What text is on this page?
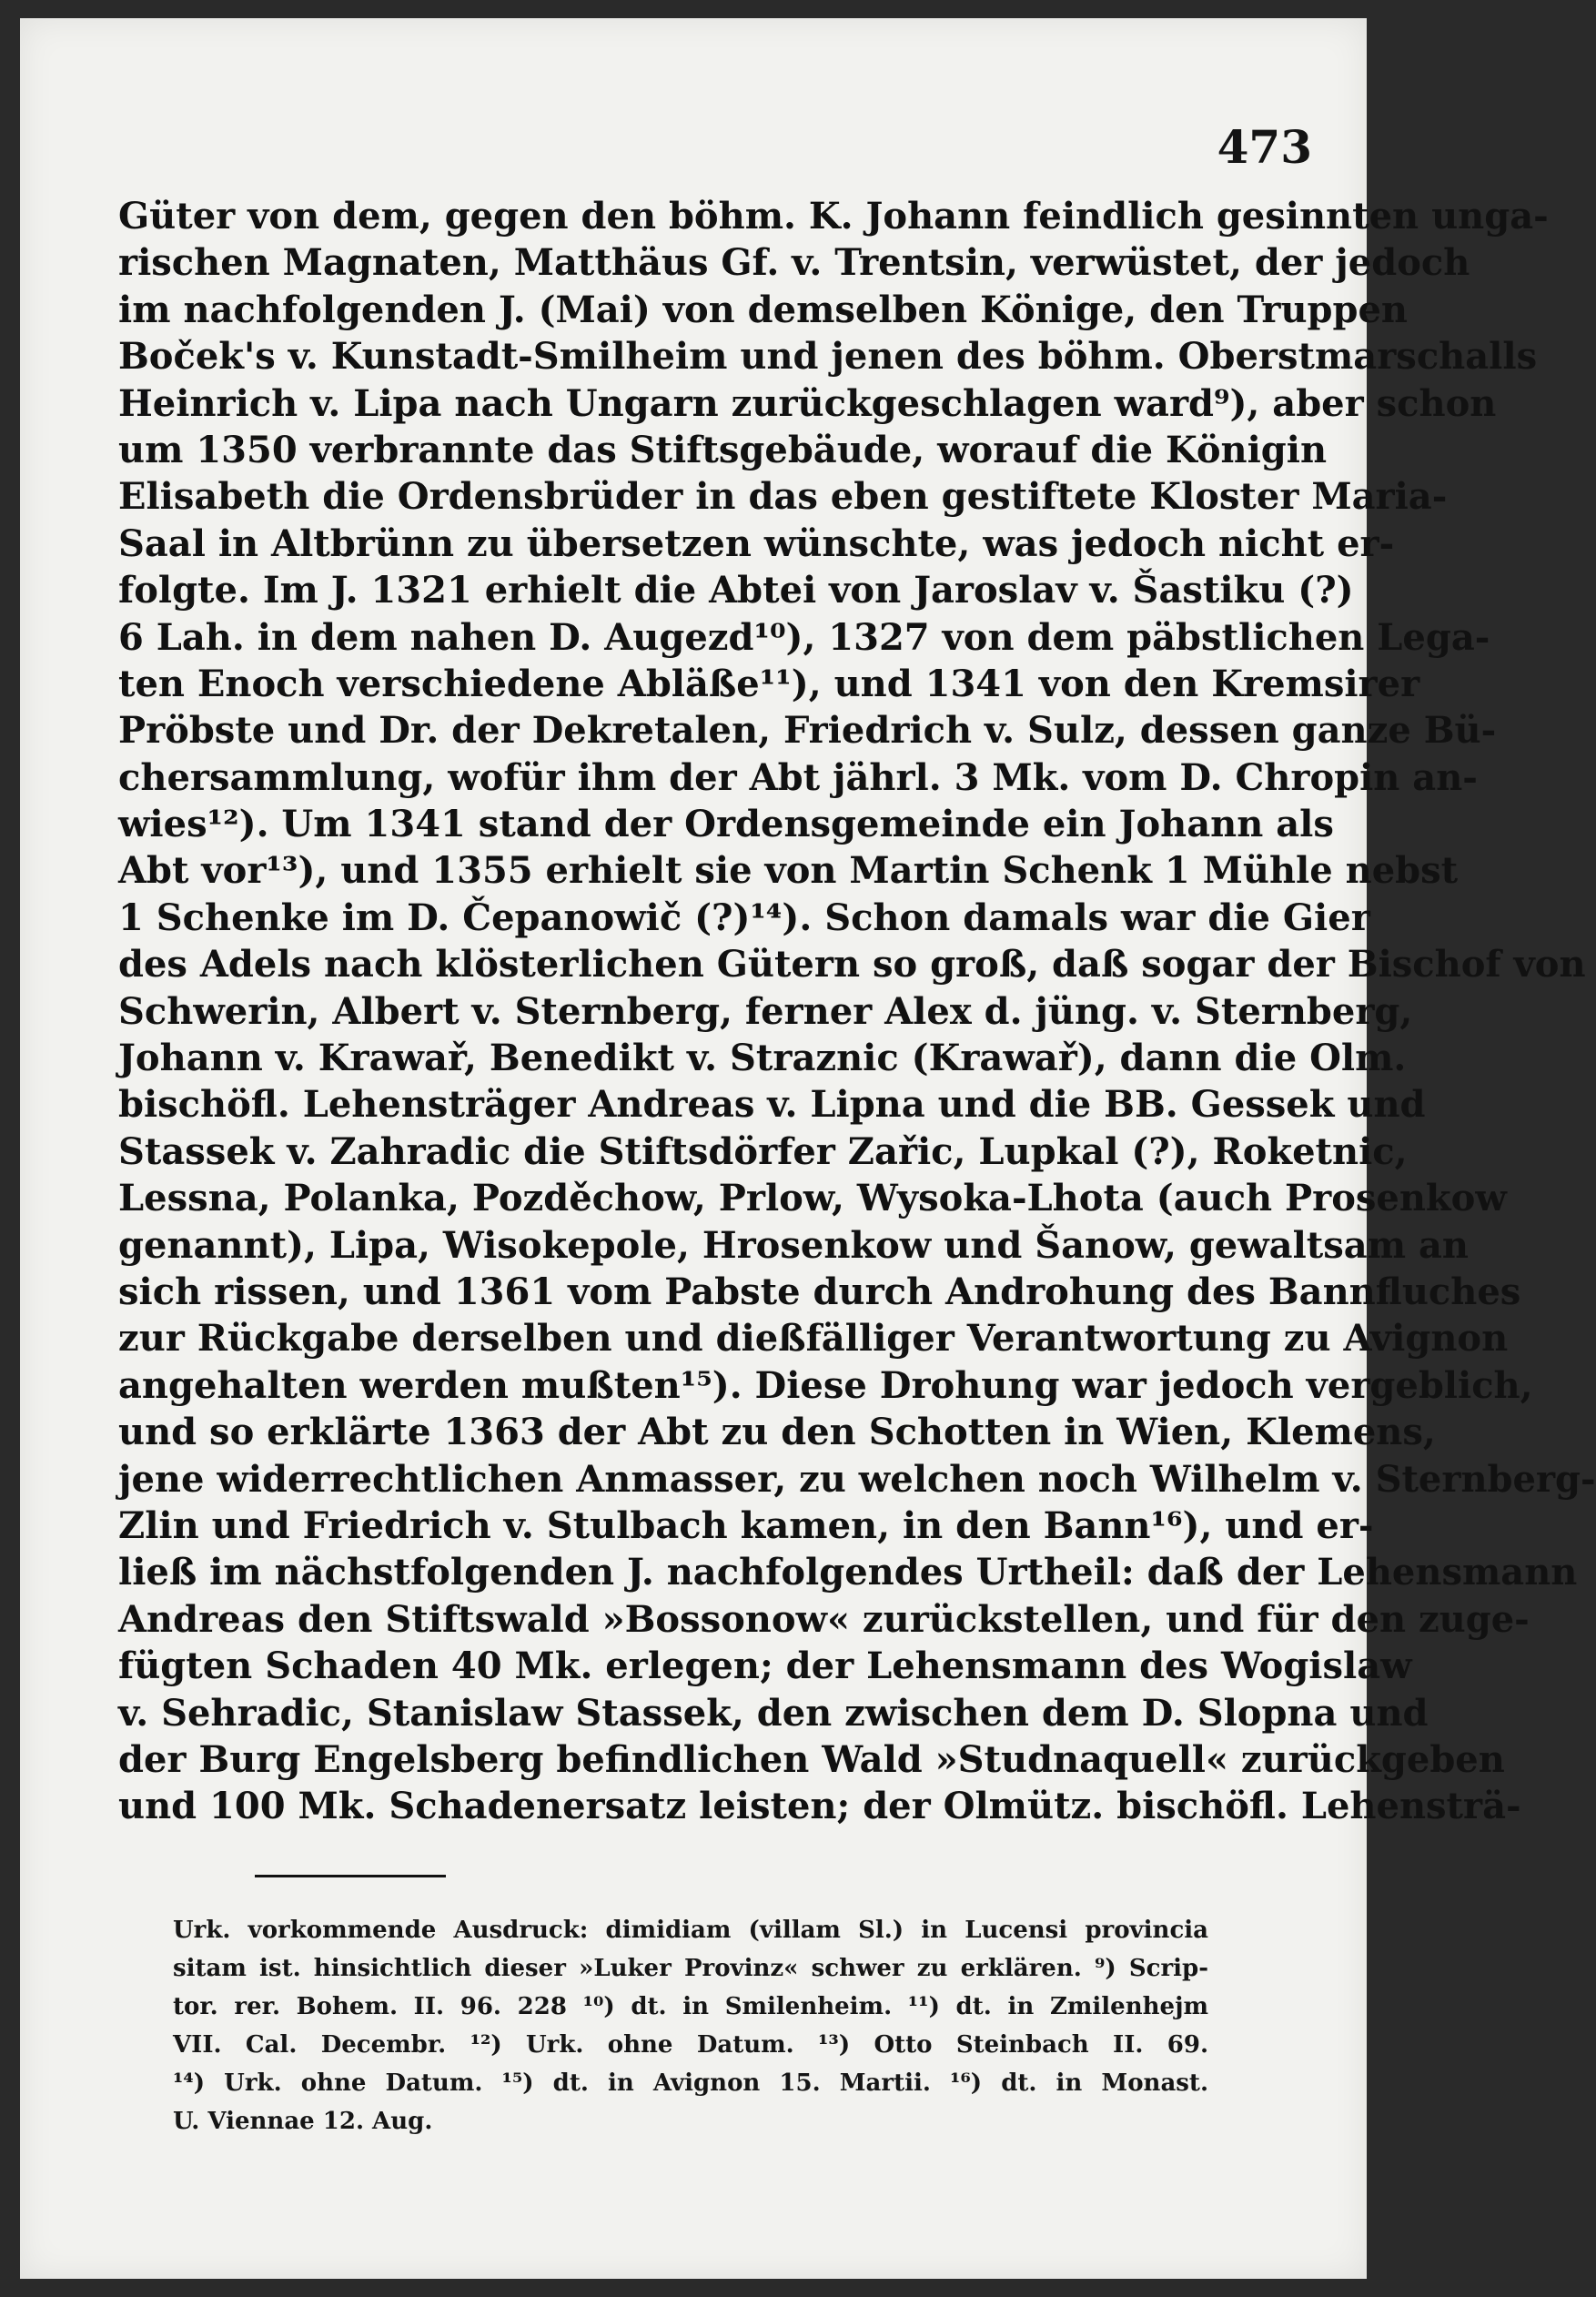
473
Güter von dem, gegen den böhm. K. Johann feindlich gesinnten unga-
rischen Magnaten, Matthäus Gf. v. Trentsin, verwüstet, der jedoch
im nachfolgenden J. (Mai) von demselben Könige, den Truppen
Boček's v. Kunstadt-Smilheim und jenen des böhm. Oberstmarschalls
Heinrich v. Lipa nach Ungarn zurückgeschlagen ward⁹), aber schon
um 1350 verbrannte das Stiftsgebäude, worauf die Königin
Elisabeth die Ordensbrüder in das eben gestiftete Kloster Maria-
Saal in Altbrünn zu übersetzen wünschte, was jedoch nicht er-
folgte. Im J. 1321 erhielt die Abtei von Jaroslav v. Šastiku (?)
6 Lah. in dem nahen D. Augezd¹⁰), 1327 von dem päbstlichen Lega-
ten Enoch verschiedene Abläße¹¹), und 1341 von den Kremsirer
Pröbste und Dr. der Dekretalen, Friedrich v. Sulz, dessen ganze Bü-
chersammlung, wofür ihm der Abt jährl. 3 Mk. vom D. Chropin an-
wies¹²). Um 1341 stand der Ordensgemeinde ein Johann als
Abt vor¹³), und 1355 erhielt sie von Martin Schenk 1 Mühle nebst
1 Schenke im D. Čepanowič (?)¹⁴). Schon damals war die Gier
des Adels nach klösterlichen Gütern so groß, daß sogar der Bischof von
Schwerin, Albert v. Sternberg, ferner Alex d. jüng. v. Sternberg,
Johann v. Krawař, Benedikt v. Straznic (Krawař), dann die Olm.
bischöfl. Lehensträger Andreas v. Lipna und die BB. Gessek und
Stassek v. Zahradic die Stiftsdörfer Zařic, Lupkal (?), Roketnic,
Lessna, Polanka, Pozděchow, Prlow, Wysoka-Lhota (auch Prosenkow
genannt), Lipa, Wisokepole, Hrosenkow und Šanow, gewaltsam an
sich rissen, und 1361 vom Pabste durch Androhung des Bannfluches
zur Rückgabe derselben und dießfälliger Verantwortung zu Avignon
angehalten werden mußten¹⁵). Diese Drohung war jedoch vergeblich,
und so erklärte 1363 der Abt zu den Schotten in Wien, Klemens,
jene widerrechtlichen Anmasser, zu welchen noch Wilhelm v. Sternberg-
Zlin und Friedrich v. Stulbach kamen, in den Bann¹⁶), und er-
ließ im nächstfolgenden J. nachfolgendes Urtheil: daß der Lehensmann
Andreas den Stiftswald »Bossonow« zurückstellen, und für den zuge-
fügten Schaden 40 Mk. erlegen; der Lehensmann des Wogislaw
v. Sehradic, Stanislaw Stassek, den zwischen dem D. Slopna und
der Burg Engelsberg befindlichen Wald »Studnaquell« zurückgeben
und 100 Mk. Schadenersatz leisten; der Olmütz. bischöfl. Lehensträ-
Urk. vorkommende Ausdruck: dimidiam (villam Sl.) in Lucensi provincia
sitam ist. hinsichtlich dieser »Luker Provinz« schwer zu erklären. ⁹) Scrip-
tor. rer. Bohem. II. 96. 228 ¹⁰) dt. in Smilenheim. ¹¹) dt. in Zmilenhejm
VII. Cal. Decembr. ¹²) Urk. ohne Datum. ¹³) Otto Steinbach II. 69.
¹⁴) Urk. ohne Datum. ¹⁵) dt. in Avignon 15. Martii. ¹⁶) dt. in Monast.
U. Viennae 12. Aug.
